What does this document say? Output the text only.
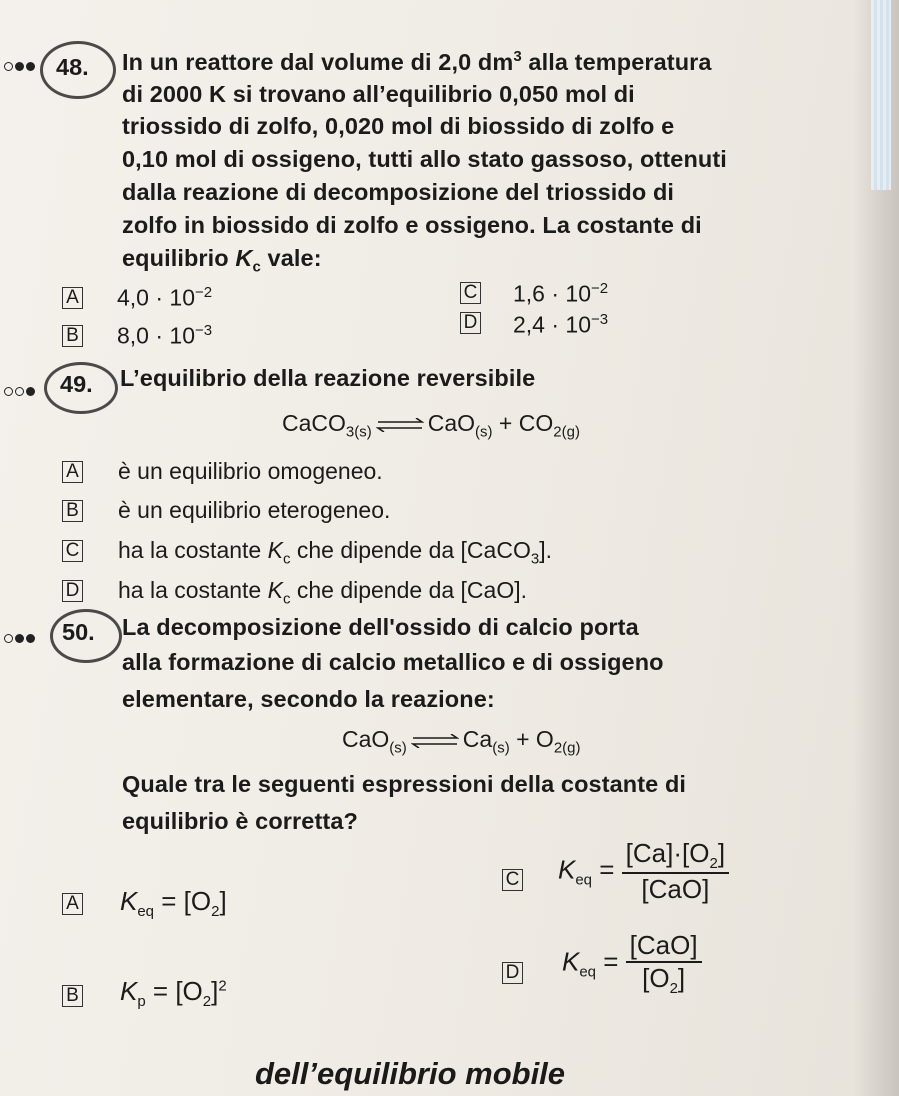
48. In un reattore dal volume di 2,0 $dm^3$ alla temperatura
di 2000 K si trovano all’equilibrio 0,050 mol di
triossido di zolfo, 0,020 mol di biossido di zolfo e
0,10 mol di ossigeno, tutti allo stato gassoso, ottenuti
dalla reazione di decomposizione del triossido di
zolfo in biossido di zolfo e ossigeno. La costante di
equilibrio $K_c$ vale:
A $4,0 \cdot 10^{-2}$
B $8,0 \cdot 10^{-3}$
C $1,6 \cdot 10^{-2}$
D $2,4 \cdot 10^{-3}$
49. L’equilibrio della reazione reversibile
CaCO$_{3(s)}$ ⇌ $CaO_{(s)} + CO_{2(g)}$
A è un equilibrio omogeneo.
B è un equilibrio eterogeneo.
C ha la costante $K_c$ che dipende da [CaCO$_3$].
D ha la costante $K_c$ che dipende da [CaO].
50. La decomposizione dell'ossido di calcio porta
alla formazione di calcio metallico e di ossigeno
elementare, secondo la reazione:
CaO$_{(s)}$ ⇌ $Ca_{(s)} + O_{2(g)}$
Quale tra le seguenti espressioni della costante di
equilibrio è corretta?
A $K_{eq} = [O_2]$
B $K_p = [O_2]^2$
C $K_{eq} = \frac{[Ca]\cdot[O_2]}{\text{[CaO]}}$
D $K_{eq} = \frac{\text{[CaO]}}{[O_2]}$
dell’equilibrio mobile
